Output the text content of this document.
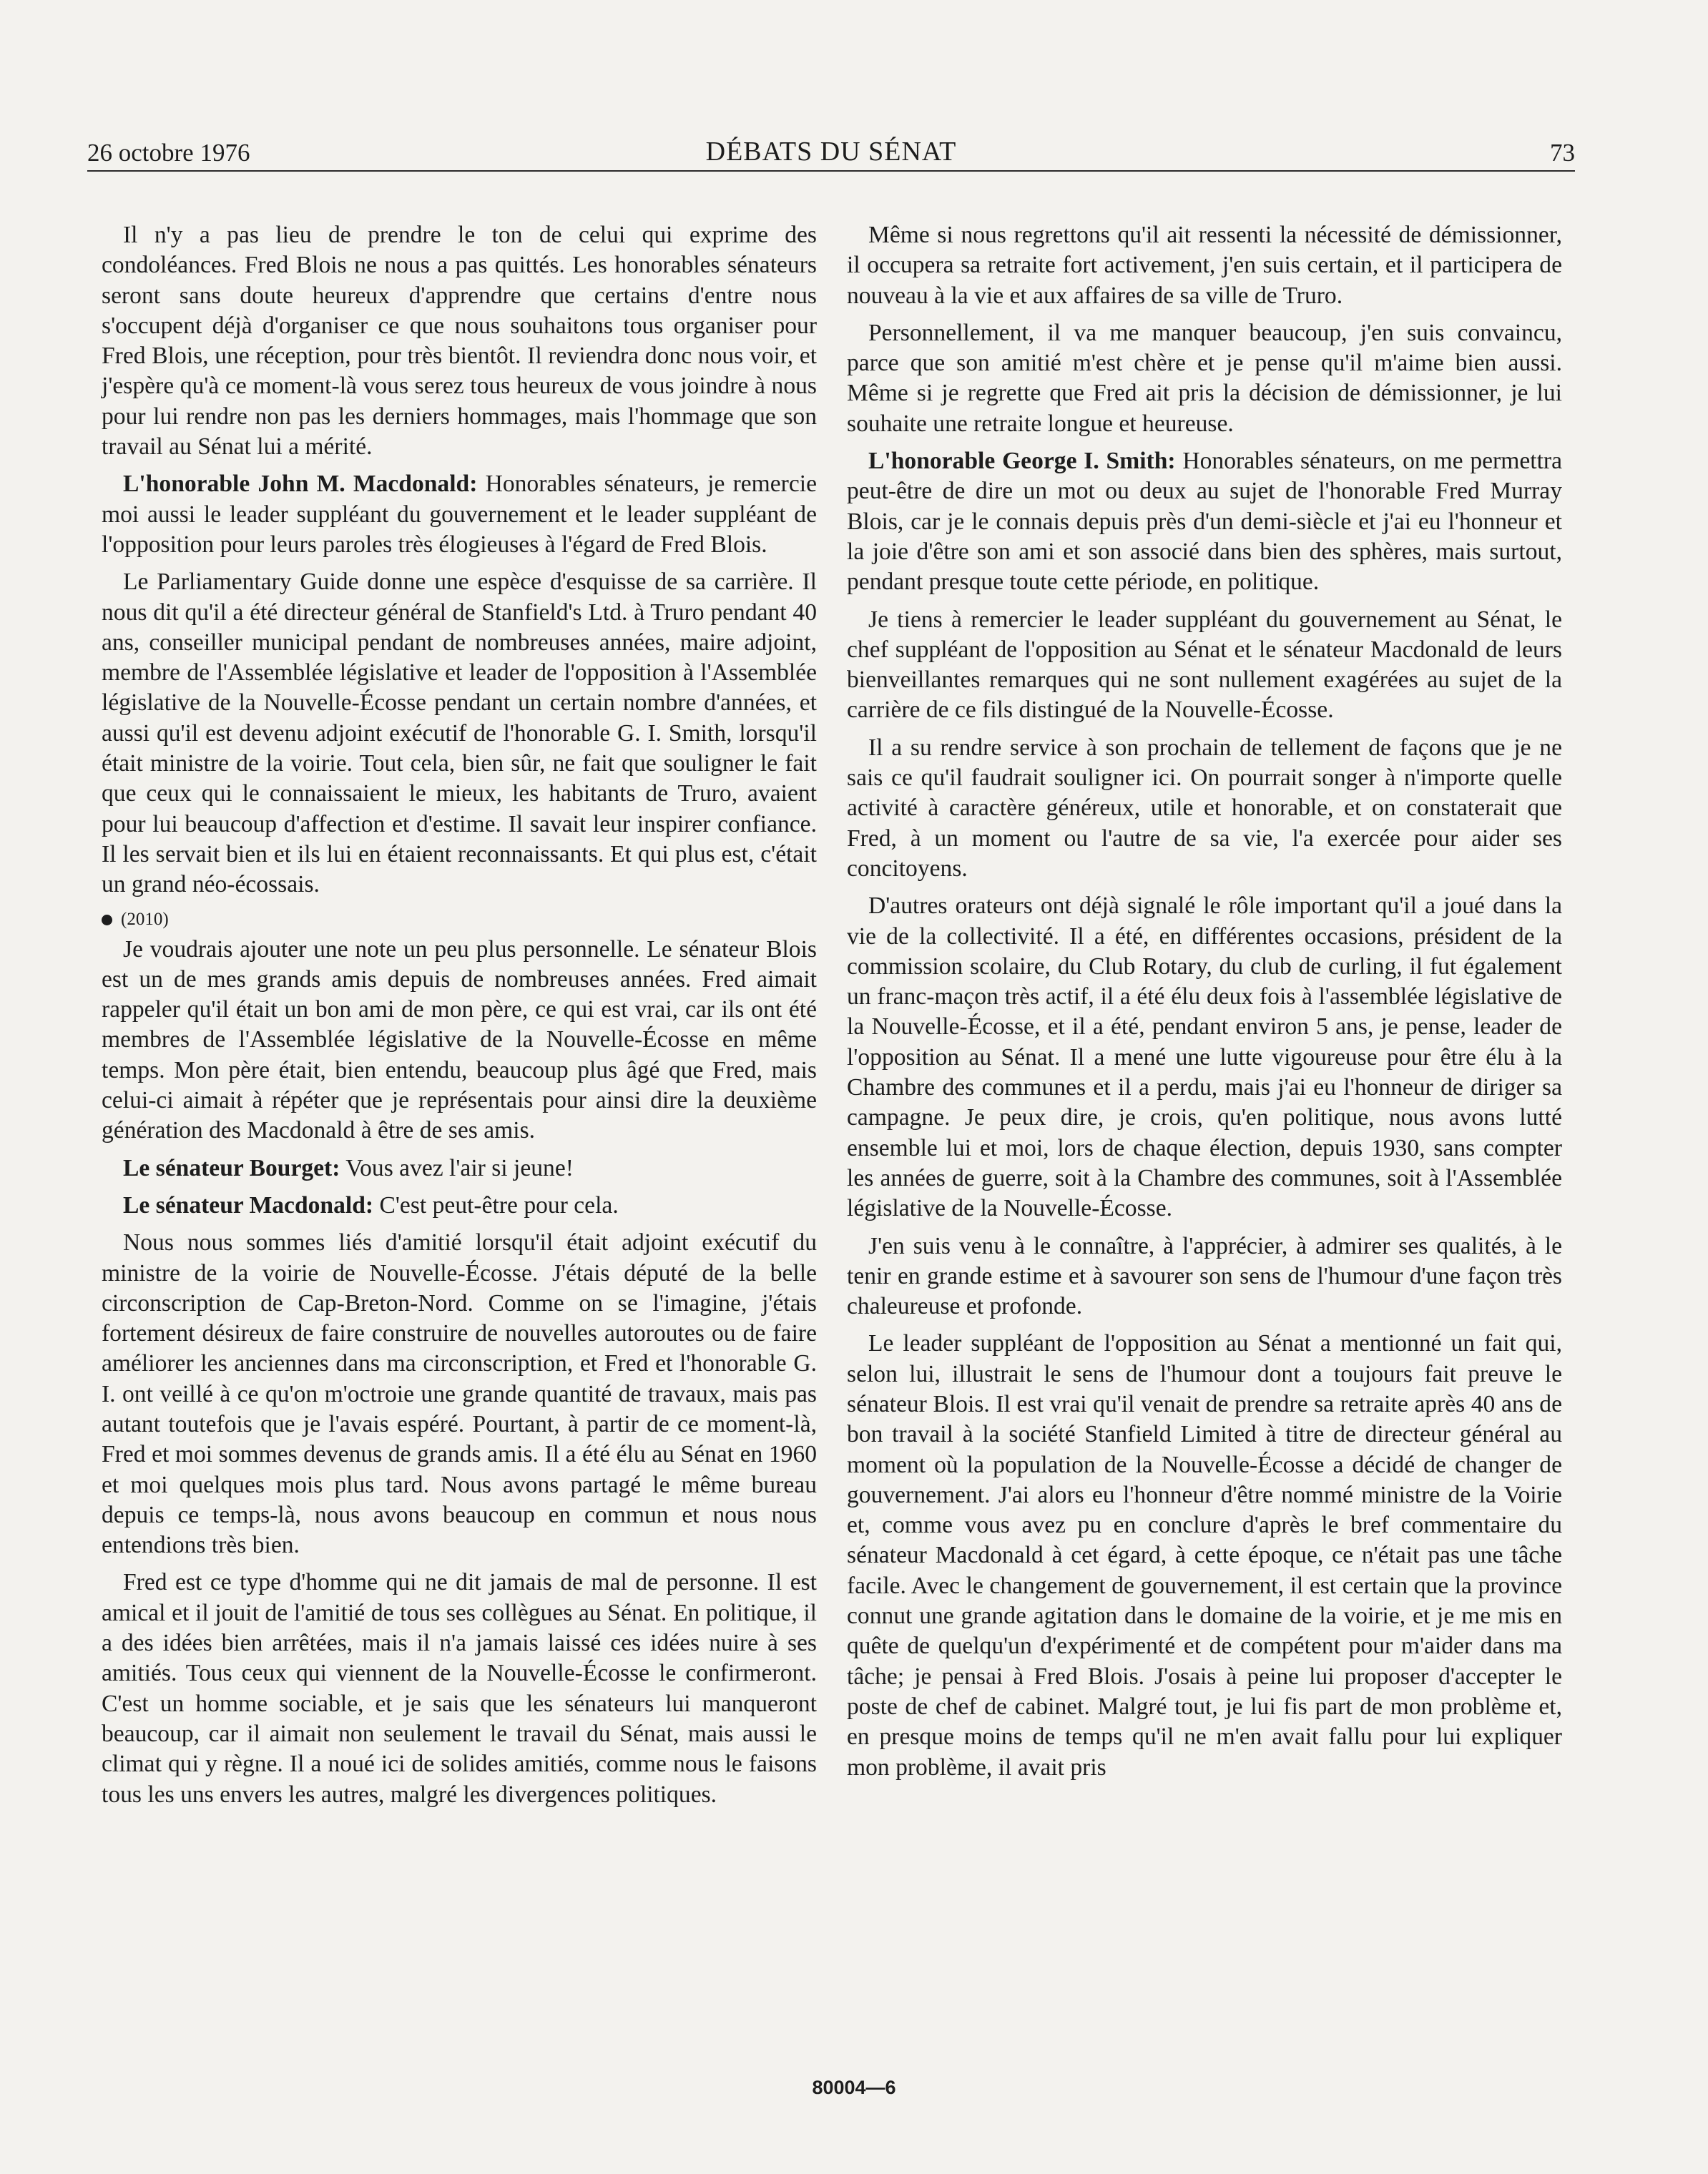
26 octobre 1976	DÉBATS DU SÉNAT	73

Il n'y a pas lieu de prendre le ton de celui qui exprime des condoléances. Fred Blois ne nous a pas quittés. Les honorables sénateurs seront sans doute heureux d'apprendre que certains d'entre nous s'occupent déjà d'organiser ce que nous souhaitons tous organiser pour Fred Blois, une réception, pour très bientôt. Il reviendra donc nous voir, et j'espère qu'à ce moment-là vous serez tous heureux de vous joindre à nous pour lui rendre non pas les derniers hommages, mais l'hommage que son travail au Sénat lui a mérité.

L'honorable John M. Macdonald: Honorables sénateurs, je remercie moi aussi le leader suppléant du gouvernement et le leader suppléant de l'opposition pour leurs paroles très élogieuses à l'égard de Fred Blois.

Le Parliamentary Guide donne une espèce d'esquisse de sa carrière. Il nous dit qu'il a été directeur général de Stanfield's Ltd. à Truro pendant 40 ans, conseiller municipal pendant de nombreuses années, maire adjoint, membre de l'Assemblée législative et leader de l'opposition à l'Assemblée législative de la Nouvelle-Écosse pendant un certain nombre d'années, et aussi qu'il est devenu adjoint exécutif de l'honorable G. I. Smith, lorsqu'il était ministre de la voirie. Tout cela, bien sûr, ne fait que souligner le fait que ceux qui le connaissaient le mieux, les habitants de Truro, avaient pour lui beaucoup d'affection et d'estime. Il savait leur inspirer confiance. Il les servait bien et ils lui en étaient reconnaissants. Et qui plus est, c'était un grand néo-écossais.

(2010)

Je voudrais ajouter une note un peu plus personnelle. Le sénateur Blois est un de mes grands amis depuis de nombreuses années. Fred aimait rappeler qu'il était un bon ami de mon père, ce qui est vrai, car ils ont été membres de l'Assemblée législative de la Nouvelle-Écosse en même temps. Mon père était, bien entendu, beaucoup plus âgé que Fred, mais celui-ci aimait à répéter que je représentais pour ainsi dire la deuxième génération des Macdonald à être de ses amis.

Le sénateur Bourget: Vous avez l'air si jeune!

Le sénateur Macdonald: C'est peut-être pour cela.

Nous nous sommes liés d'amitié lorsqu'il était adjoint exécutif du ministre de la voirie de Nouvelle-Écosse. J'étais député de la belle circonscription de Cap-Breton-Nord. Comme on se l'imagine, j'étais fortement désireux de faire construire de nouvelles autoroutes ou de faire améliorer les anciennes dans ma circonscription, et Fred et l'honorable G. I. ont veillé à ce qu'on m'octroie une grande quantité de travaux, mais pas autant toutefois que je l'avais espéré. Pourtant, à partir de ce moment-là, Fred et moi sommes devenus de grands amis. Il a été élu au Sénat en 1960 et moi quelques mois plus tard. Nous avons partagé le même bureau depuis ce temps-là, nous avons beaucoup en commun et nous nous entendions très bien.

Fred est ce type d'homme qui ne dit jamais de mal de personne. Il est amical et il jouit de l'amitié de tous ses collègues au Sénat. En politique, il a des idées bien arrêtées, mais il n'a jamais laissé ces idées nuire à ses amitiés. Tous ceux qui viennent de la Nouvelle-Écosse le confirmeront. C'est un homme sociable, et je sais que les sénateurs lui manqueront beaucoup, car il aimait non seulement le travail du Sénat, mais aussi le climat qui y règne. Il a noué ici de solides amitiés, comme nous le faisons tous les uns envers les autres, malgré les divergences politiques.

Même si nous regrettons qu'il ait ressenti la nécessité de démissionner, il occupera sa retraite fort activement, j'en suis certain, et il participera de nouveau à la vie et aux affaires de sa ville de Truro.

Personnellement, il va me manquer beaucoup, j'en suis convaincu, parce que son amitié m'est chère et je pense qu'il m'aime bien aussi. Même si je regrette que Fred ait pris la décision de démissionner, je lui souhaite une retraite longue et heureuse.

L'honorable George I. Smith: Honorables sénateurs, on me permettra peut-être de dire un mot ou deux au sujet de l'honorable Fred Murray Blois, car je le connais depuis près d'un demi-siècle et j'ai eu l'honneur et la joie d'être son ami et son associé dans bien des sphères, mais surtout, pendant presque toute cette période, en politique.

Je tiens à remercier le leader suppléant du gouvernement au Sénat, le chef suppléant de l'opposition au Sénat et le sénateur Macdonald de leurs bienveillantes remarques qui ne sont nullement exagérées au sujet de la carrière de ce fils distingué de la Nouvelle-Écosse.

Il a su rendre service à son prochain de tellement de façons que je ne sais ce qu'il faudrait souligner ici. On pourrait songer à n'importe quelle activité à caractère généreux, utile et honorable, et on constaterait que Fred, à un moment ou l'autre de sa vie, l'a exercée pour aider ses concitoyens.

D'autres orateurs ont déjà signalé le rôle important qu'il a joué dans la vie de la collectivité. Il a été, en différentes occasions, président de la commission scolaire, du Club Rotary, du club de curling, il fut également un franc-maçon très actif, il a été élu deux fois à l'assemblée législative de la Nouvelle-Écosse, et il a été, pendant environ 5 ans, je pense, leader de l'opposition au Sénat. Il a mené une lutte vigoureuse pour être élu à la Chambre des communes et il a perdu, mais j'ai eu l'honneur de diriger sa campagne. Je peux dire, je crois, qu'en politique, nous avons lutté ensemble lui et moi, lors de chaque élection, depuis 1930, sans compter les années de guerre, soit à la Chambre des communes, soit à l'Assemblée législative de la Nouvelle-Écosse.

J'en suis venu à le connaître, à l'apprécier, à admirer ses qualités, à le tenir en grande estime et à savourer son sens de l'humour d'une façon très chaleureuse et profonde.

Le leader suppléant de l'opposition au Sénat a mentionné un fait qui, selon lui, illustrait le sens de l'humour dont a toujours fait preuve le sénateur Blois. Il est vrai qu'il venait de prendre sa retraite après 40 ans de bon travail à la société Stanfield Limited à titre de directeur général au moment où la population de la Nouvelle-Écosse a décidé de changer de gouvernement. J'ai alors eu l'honneur d'être nommé ministre de la Voirie et, comme vous avez pu en conclure d'après le bref commentaire du sénateur Macdonald à cet égard, à cette époque, ce n'était pas une tâche facile. Avec le changement de gouvernement, il est certain que la province connut une grande agitation dans le domaine de la voirie, et je me mis en quête de quelqu'un d'expérimenté et de compétent pour m'aider dans ma tâche; je pensai à Fred Blois. J'osais à peine lui proposer d'accepter le poste de chef de cabinet. Malgré tout, je lui fis part de mon problème et, en presque moins de temps qu'il ne m'en avait fallu pour lui expliquer mon problème, il avait pris

80004—6
